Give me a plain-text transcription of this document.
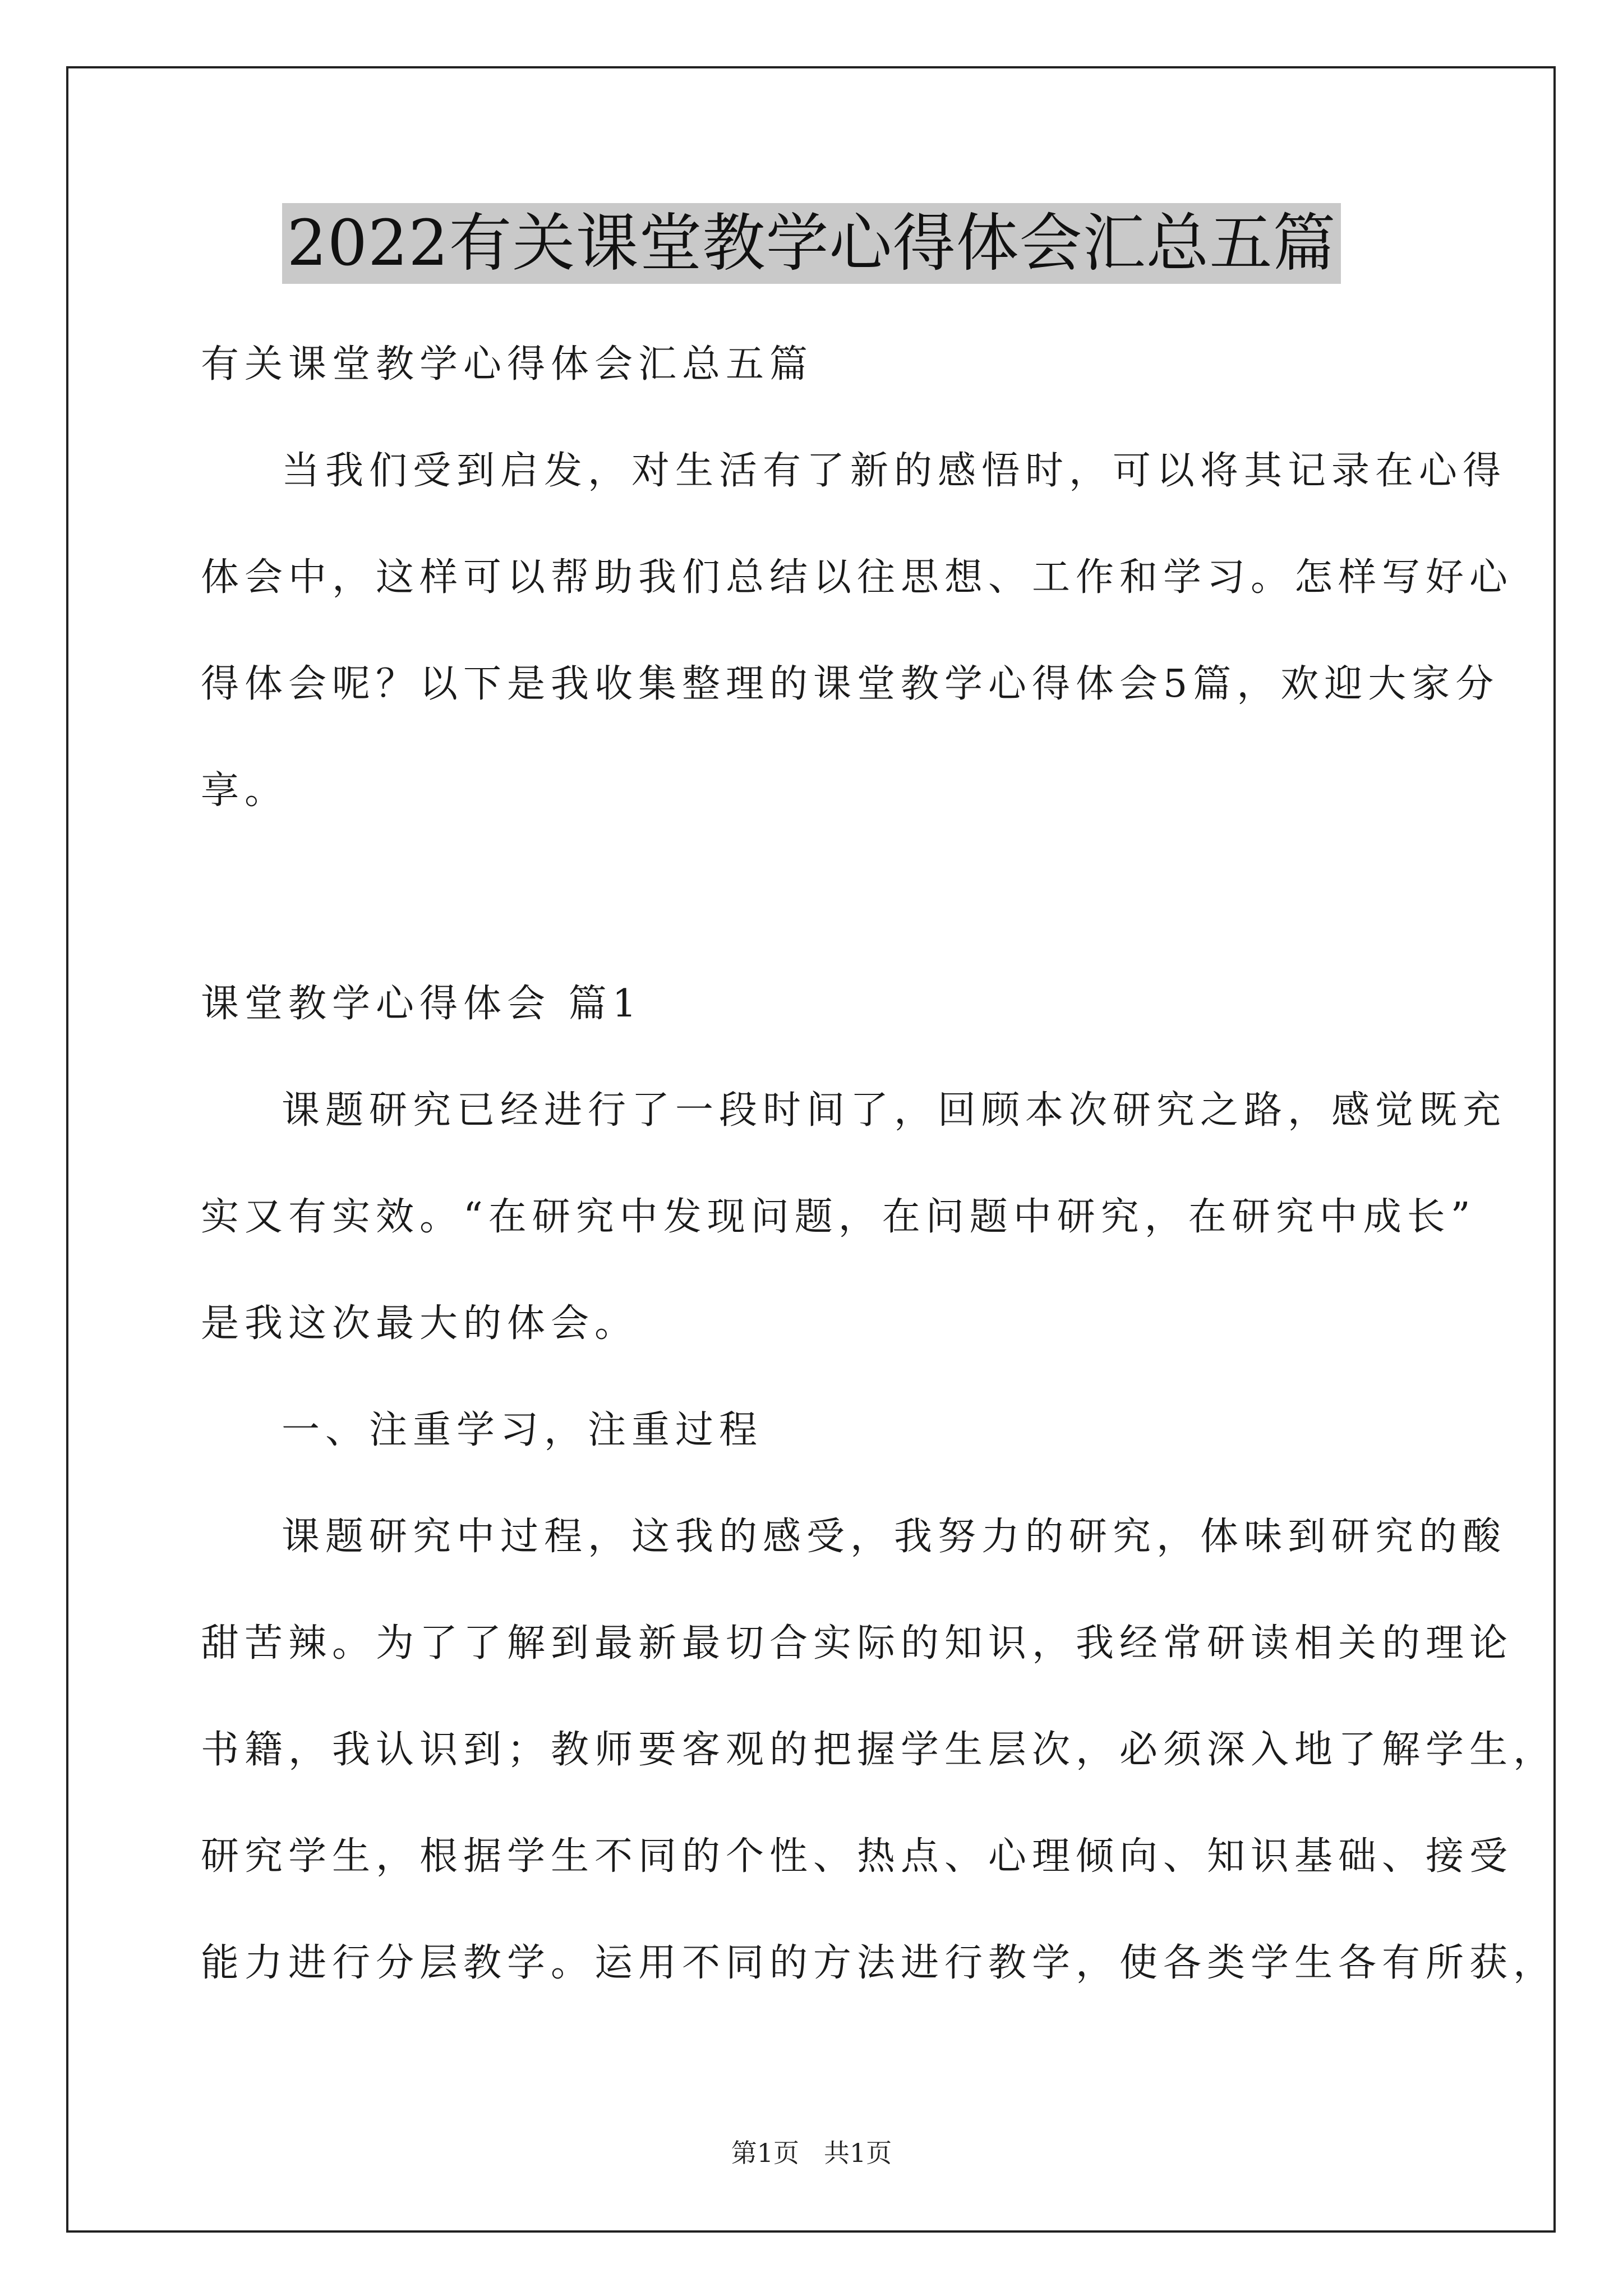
2022有关课堂教学心得体会汇总五篇
有关课堂教学心得体会汇总五篇
当我们受到启发，对生活有了新的感悟时，可以将其记录在心得
体会中，这样可以帮助我们总结以往思想、工作和学习。怎样写好心
得体会呢？以下是我收集整理的课堂教学心得体会5篇，欢迎大家分
享。
课堂教学心得体会 篇1
课题研究已经进行了一段时间了，回顾本次研究之路，感觉既充
实又有实效。“在研究中发现问题，在问题中研究，在研究中成长”
是我这次最大的体会。
一、注重学习，注重过程
课题研究中过程，这我的感受，我努力的研究，体味到研究的酸
甜苦辣。为了了解到最新最切合实际的知识，我经常研读相关的理论
书籍，我认识到；教师要客观的把握学生层次，必须深入地了解学生，
研究学生，根据学生不同的个性、热点、心理倾向、知识基础、接受
能力进行分层教学。运用不同的方法进行教学，使各类学生各有所获，
第1页 共1页
